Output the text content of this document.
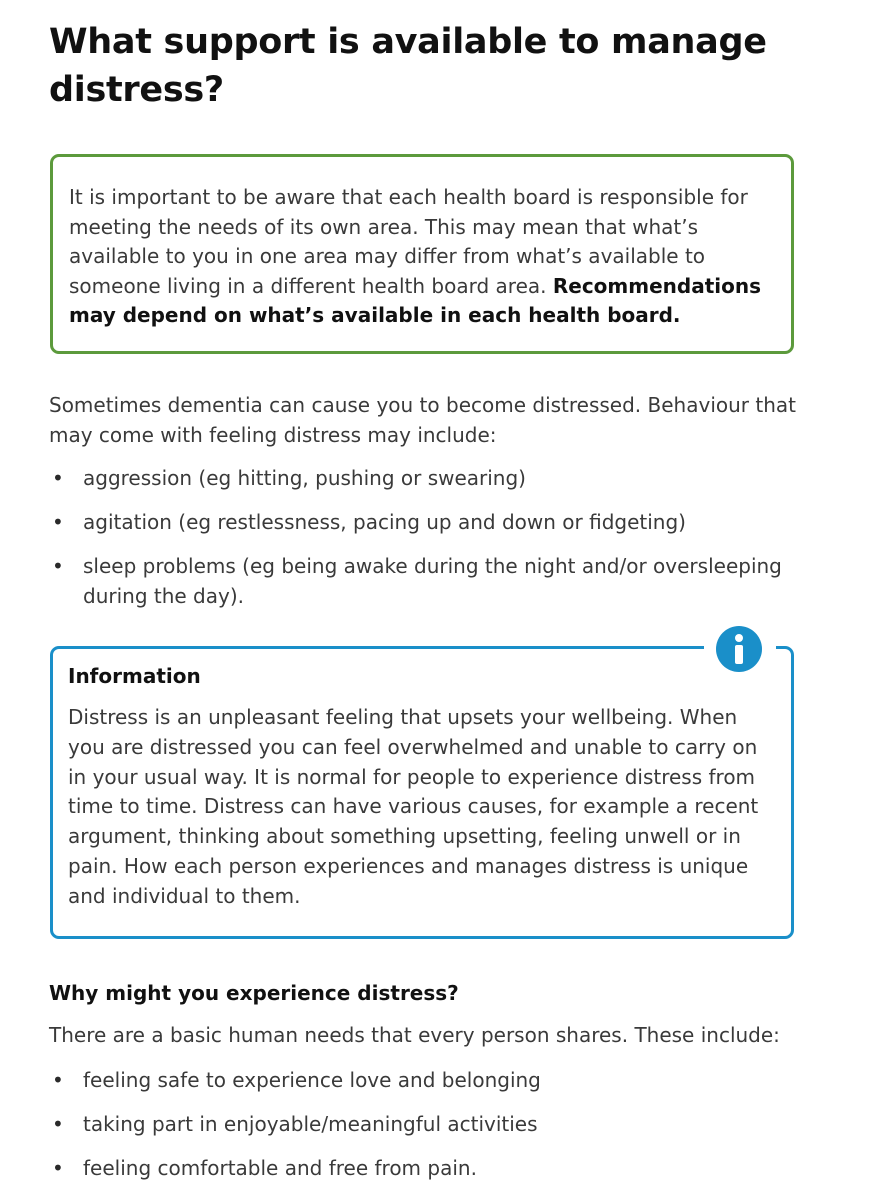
What support is available to manage distress?
It is important to be aware that each health board is responsible for meeting the needs of its own area. This may mean that what’s available to you in one area may differ from what’s available to someone living in a different health board area. Recommendations may depend on what’s available in each health board.

Sometimes dementia can cause you to become distressed. Behaviour that may come with feeling distress may include:

• aggression (eg hitting, pushing or swearing)
• agitation (eg restlessness, pacing up and down or fidgeting)
• sleep problems (eg being awake during the night and/or oversleeping during the day).

Information

Distress is an unpleasant feeling that upsets your wellbeing. When you are distressed you can feel overwhelmed and unable to carry on in your usual way. It is normal for people to experience distress from time to time. Distress can have various causes, for example a recent argument, thinking about something upsetting, feeling unwell or in pain. How each person experiences and manages distress is unique and individual to them.

Why might you experience distress?

There are a basic human needs that every person shares. These include:

• feeling safe to experience love and belonging
• taking part in enjoyable/meaningful activities
• feeling comfortable and free from pain.
